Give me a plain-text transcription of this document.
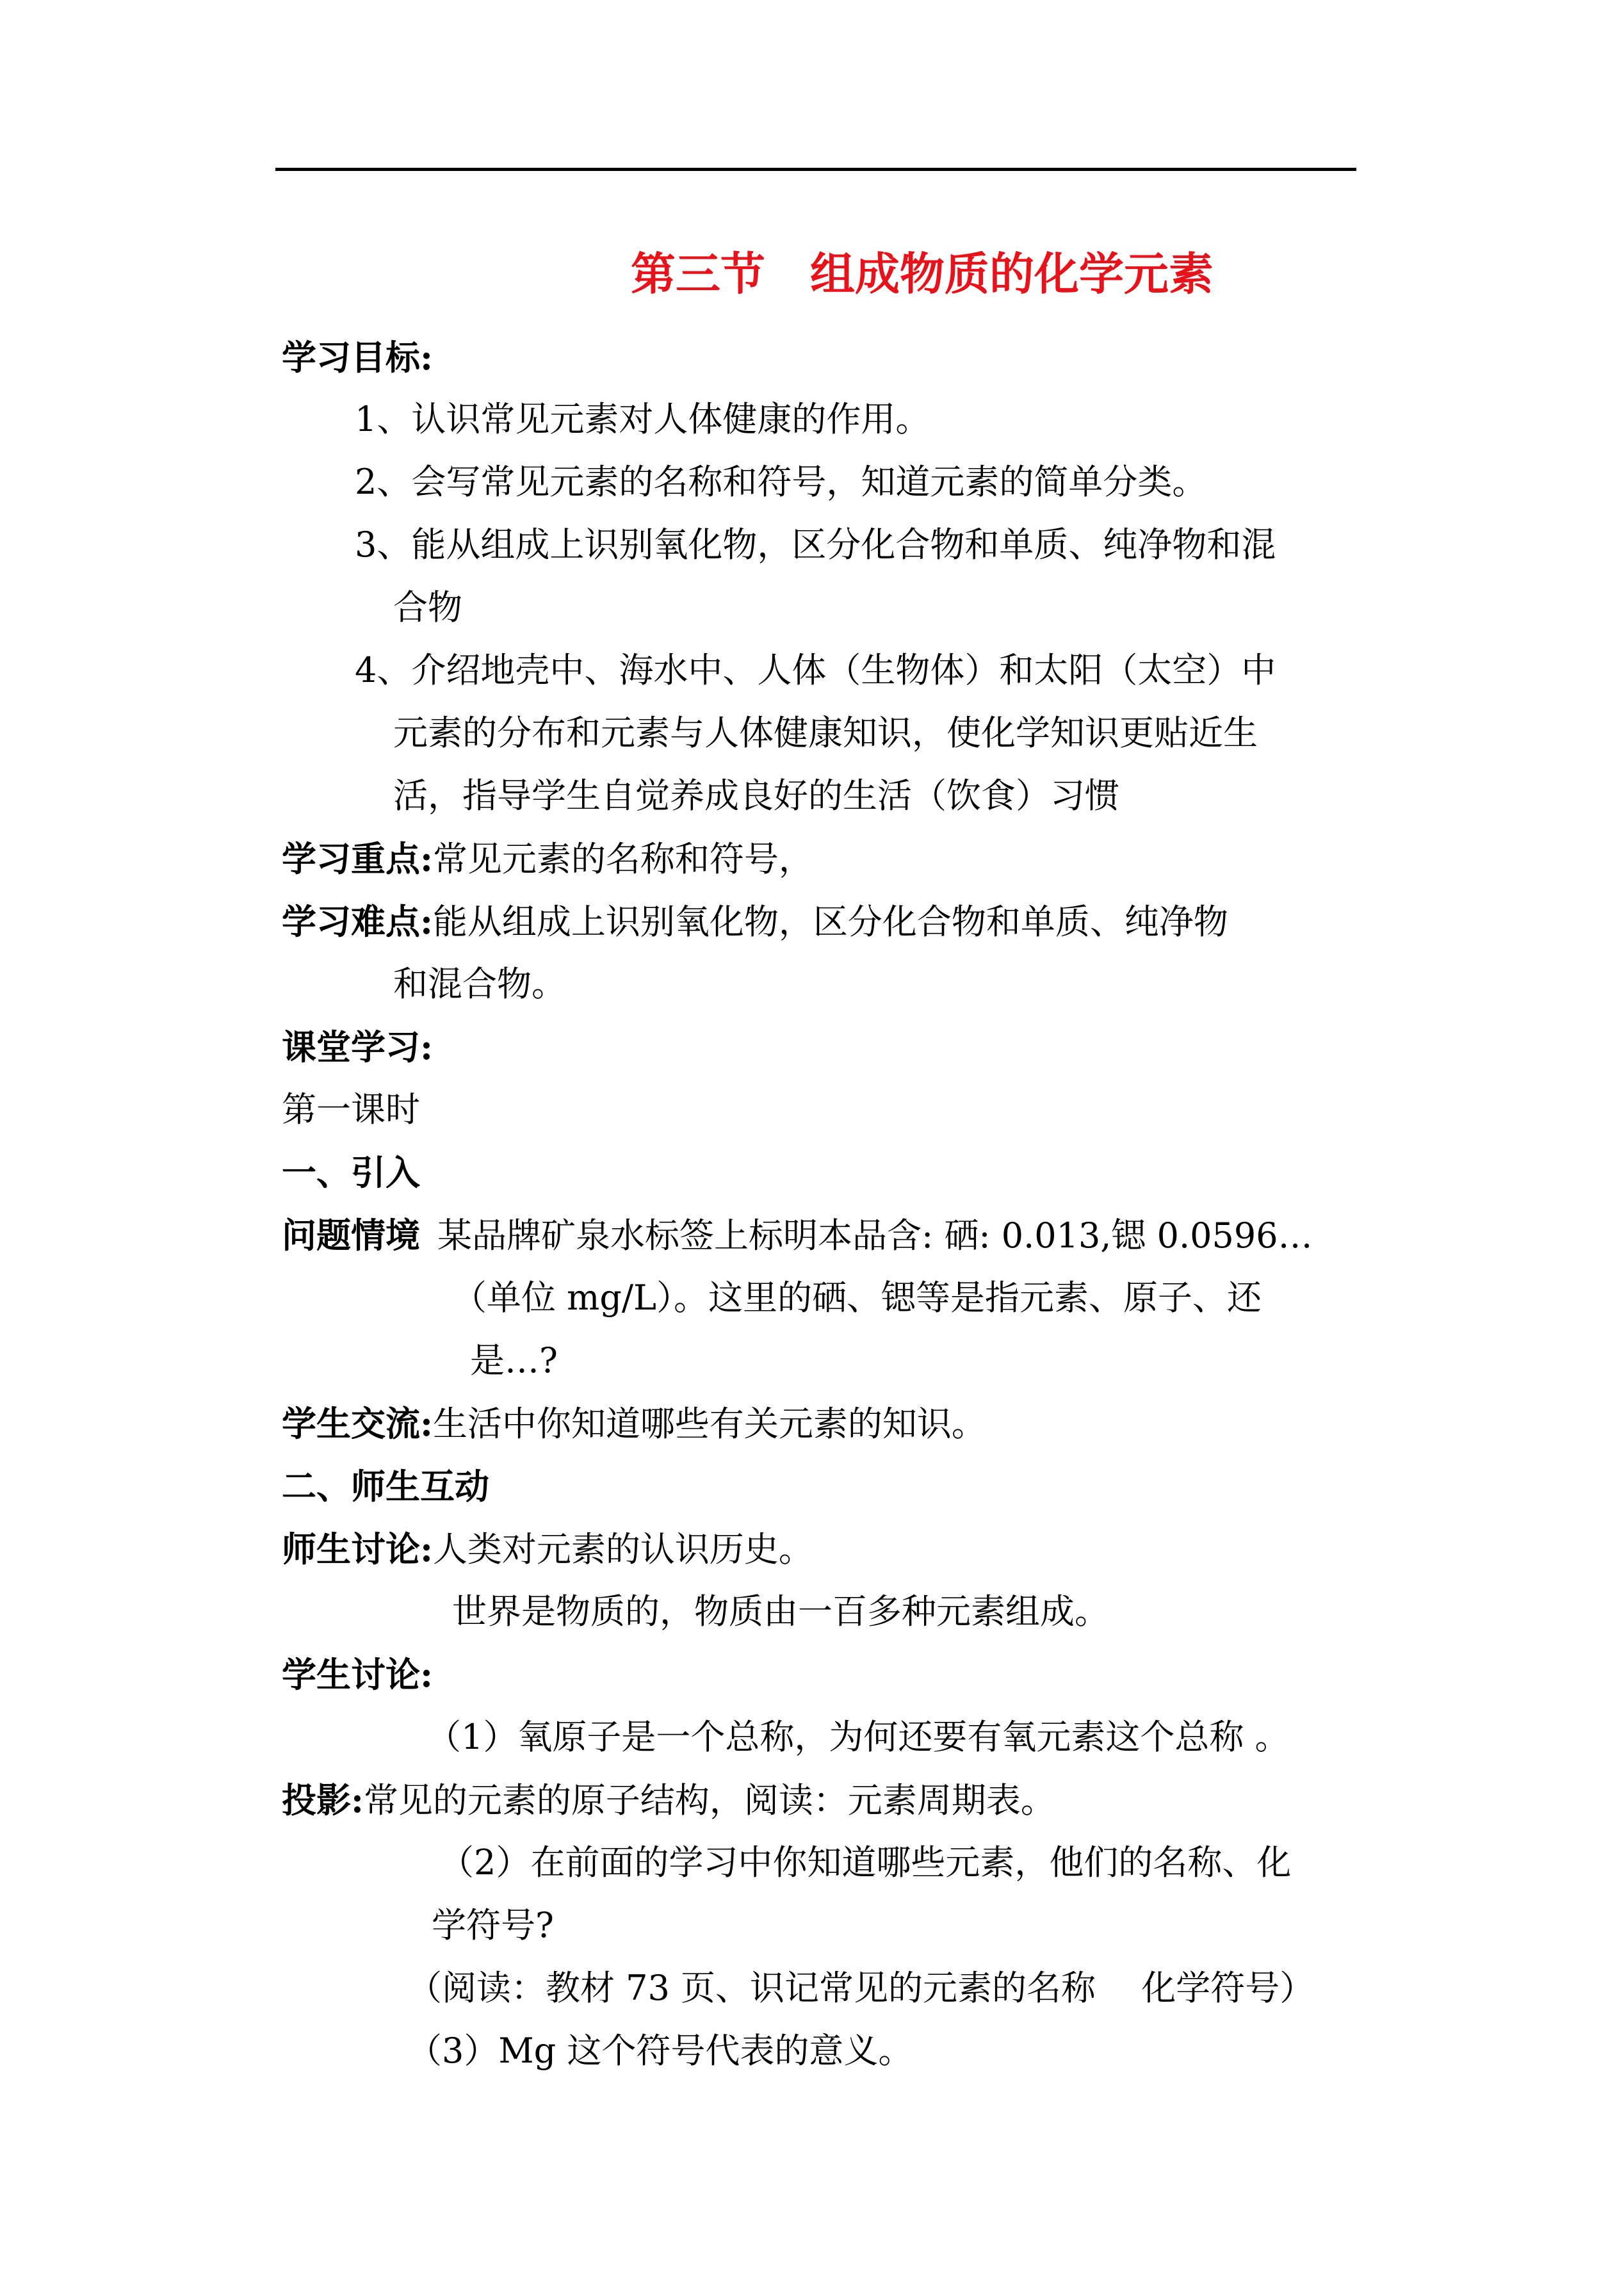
第三节　组成物质的化学元素

学习目标:

1、认识常见元素对人体健康的作用。

2、会写常见元素的名称和符号，知道元素的简单分类。

3、能从组成上识别氧化物，区分化合物和单质、纯净物和混

合物

4、介绍地壳中、海水中、人体（生物体）和太阳（太空）中

元素的分布和元素与人体健康知识，使化学知识更贴近生

活，指导学生自觉养成良好的生活（饮食）习惯

学习重点:常见元素的名称和符号，

学习难点:能从组成上识别氧化物，区分化合物和单质、纯净物

和混合物。

课堂学习:

第一课时

一、引入

问题情境  某品牌矿泉水标签上标明本品含: 硒: 0.013,锶 0.0596…

（单位 mg/L）。这里的硒、锶等是指元素、原子、还

是…?

学生交流:生活中你知道哪些有关元素的知识。

二、师生互动

师生讨论:人类对元素的认识历史。

世界是物质的，物质由一百多种元素组成。

学生讨论:

（1）氧原子是一个总称，为何还要有氧元素这个总称 。

投影:常见的元素的原子结构，阅读：元素周期表。

（2）在前面的学习中你知道哪些元素，他们的名称、化

学符号?

（阅读：教材 73 页、识记常见的元素的名称　 化学符号）

（3）Mg 这个符号代表的意义。
